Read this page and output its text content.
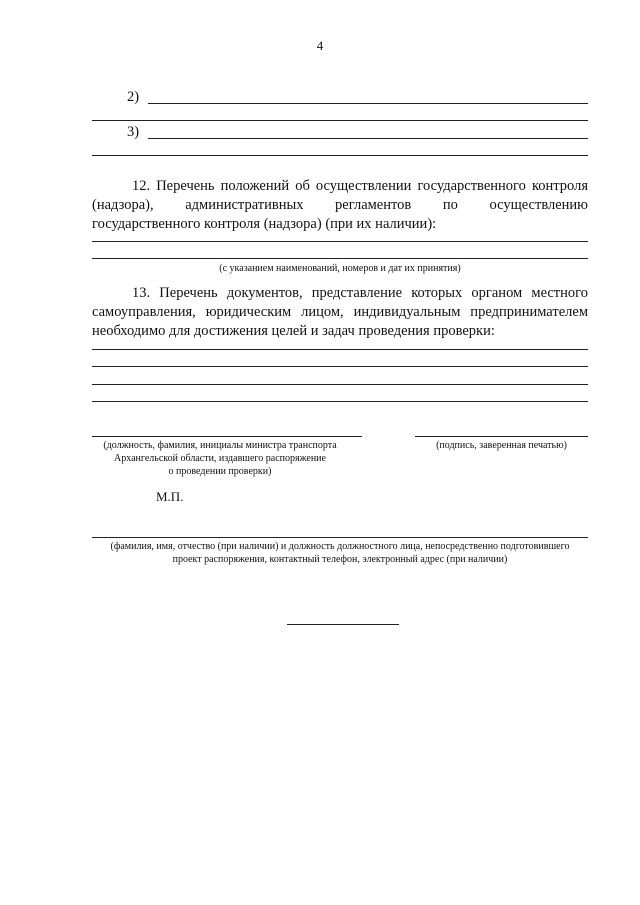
4
2)
3)
12. Перечень положений об осуществлении государственного контроля (надзора), административных регламентов по осуществлению государственного контроля (надзора) (при их наличии):
(с указанием наименований, номеров и дат их принятия)
13. Перечень документов, представление которых органом местного самоуправления, юридическим лицом, индивидуальным предпринимателем необходимо для достижения целей и задач проведения проверки:
(должность, фамилия, инициалы министра транспорта
Архангельской области, издавшего распоряжение
о проведении проверки)
(подпись, заверенная печатью)
М.П.
(фамилия, имя, отчество (при наличии) и должность должностного лица, непосредственно подготовившего
проект распоряжения, контактный телефон, электронный адрес (при наличии)
